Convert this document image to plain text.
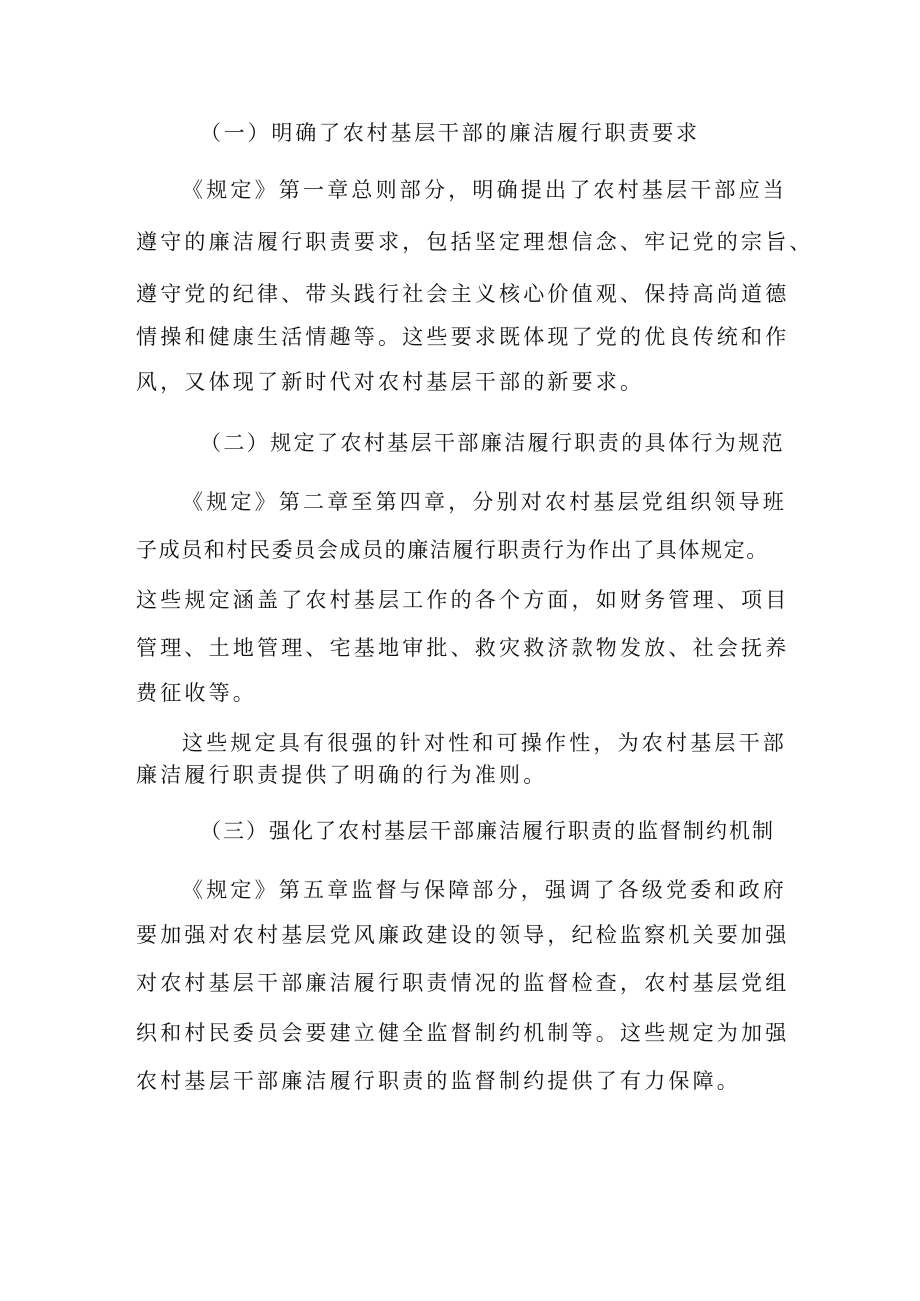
（一）明确了农村基层干部的廉洁履行职责要求
《规定》第一章总则部分，明确提出了农村基层干部应当
遵守的廉洁履行职责要求，包括坚定理想信念、牢记党的宗旨、
遵守党的纪律、带头践行社会主义核心价值观、保持高尚道德
情操和健康生活情趣等。这些要求既体现了党的优良传统和作
风，又体现了新时代对农村基层干部的新要求。
（二）规定了农村基层干部廉洁履行职责的具体行为规范
《规定》第二章至第四章，分别对农村基层党组织领导班
子成员和村民委员会成员的廉洁履行职责行为作出了具体规定。
这些规定涵盖了农村基层工作的各个方面，如财务管理、项目
管理、土地管理、宅基地审批、救灾救济款物发放、社会抚养
费征收等。
这些规定具有很强的针对性和可操作性，为农村基层干部
廉洁履行职责提供了明确的行为准则。
（三）强化了农村基层干部廉洁履行职责的监督制约机制
《规定》第五章监督与保障部分，强调了各级党委和政府
要加强对农村基层党风廉政建设的领导，纪检监察机关要加强
对农村基层干部廉洁履行职责情况的监督检查，农村基层党组
织和村民委员会要建立健全监督制约机制等。这些规定为加强
农村基层干部廉洁履行职责的监督制约提供了有力保障。
